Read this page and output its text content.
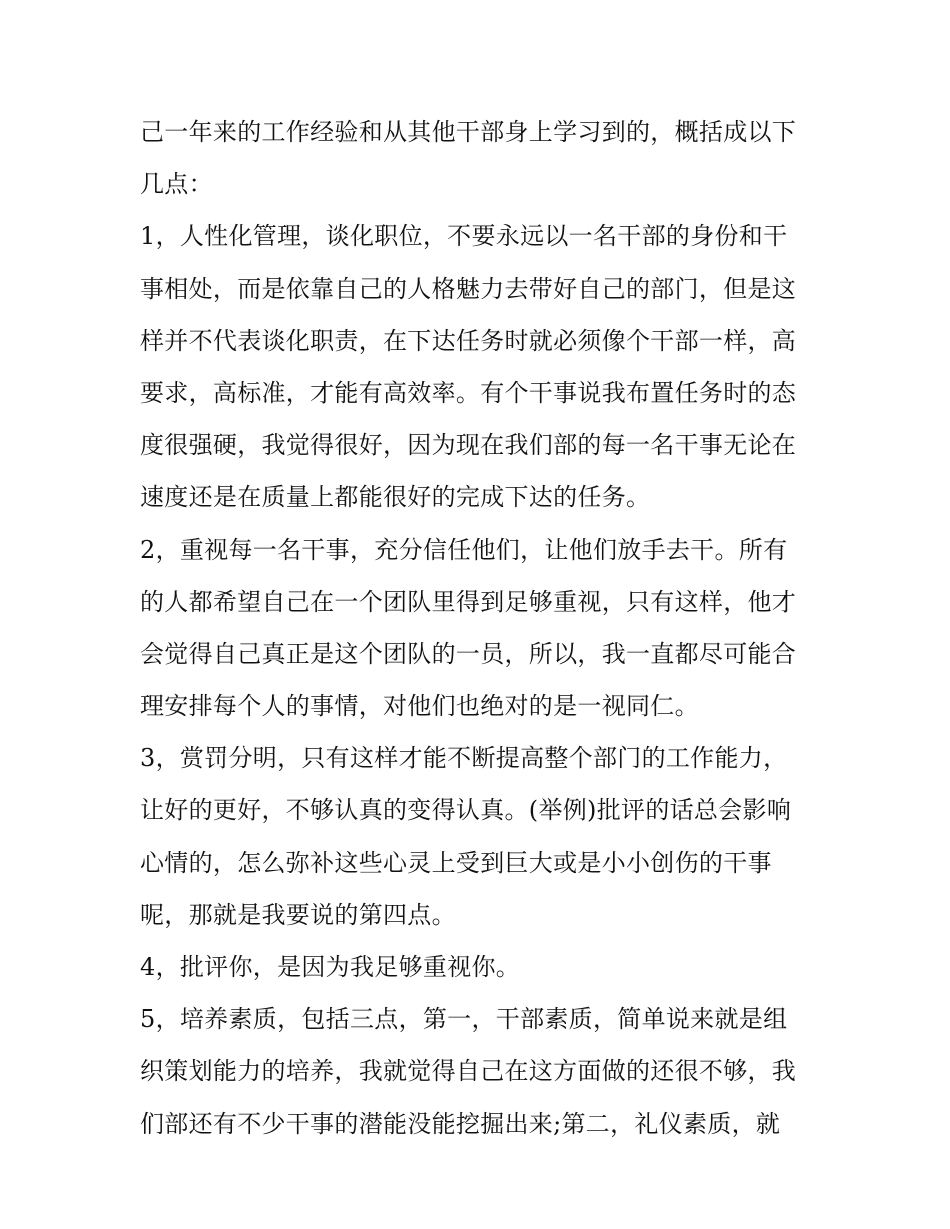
己一年来的工作经验和从其他干部身上学习到的，概括成以下

几点：

1，人性化管理，谈化职位，不要永远以一名干部的身份和干

事相处，而是依靠自己的人格魅力去带好自己的部门，但是这

样并不代表谈化职责，在下达任务时就必须像个干部一样，高

要求，高标准，才能有高效率。有个干事说我布置任务时的态

度很强硬，我觉得很好，因为现在我们部的每一名干事无论在

速度还是在质量上都能很好的完成下达的任务。

2，重视每一名干事，充分信任他们，让他们放手去干。所有

的人都希望自己在一个团队里得到足够重视，只有这样，他才

会觉得自己真正是这个团队的一员，所以，我一直都尽可能合

理安排每个人的事情，对他们也绝对的是一视同仁。

3，赏罚分明，只有这样才能不断提高整个部门的工作能力，

让好的更好，不够认真的变得认真。(举例)批评的话总会影响

心情的，怎么弥补这些心灵上受到巨大或是小小创伤的干事

呢，那就是我要说的第四点。

4，批评你，是因为我足够重视你。

5，培养素质，包括三点，第一，干部素质，简单说来就是组

织策划能力的培养，我就觉得自己在这方面做的还很不够，我

们部还有不少干事的潜能没能挖掘出来;第二，礼仪素质，就
